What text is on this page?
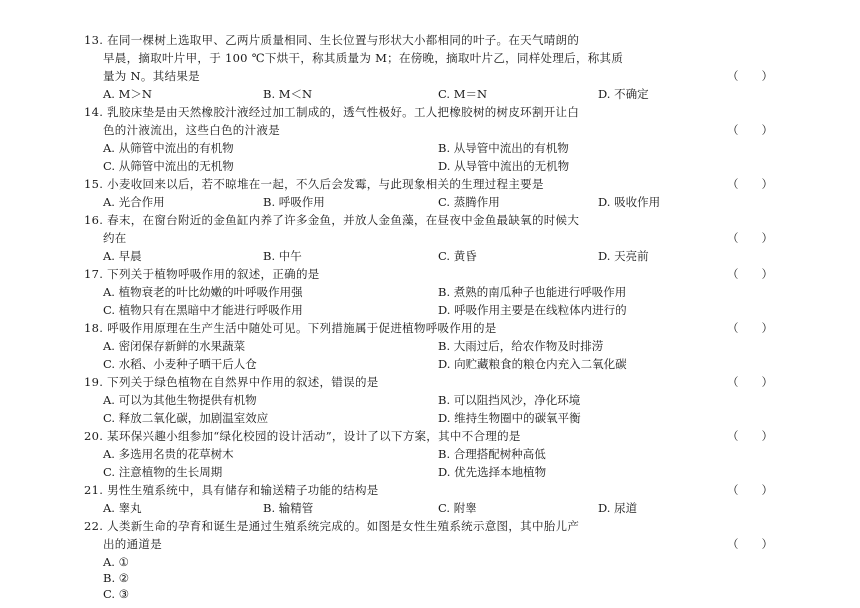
13. 在同一棵树上选取甲、乙两片质量相同、生长位置与形状大小都相同的叶子。在天气晴朗的
早晨，摘取叶片甲，于 100 ℃下烘干，称其质量为 M；在傍晚，摘取叶片乙，同样处理后，称其质
量为 N。其结果是	（　　）
A. M＞N	B. M＜N	C. M＝N	D. 不确定
14. 乳胶床垫是由天然橡胶汁液经过加工制成的，透气性极好。工人把橡胶树的树皮环割开让白
色的汁液流出，这些白色的汁液是	（　　）
A. 从筛管中流出的有机物	B. 从导管中流出的有机物
C. 从筛管中流出的无机物	D. 从导管中流出的无机物
15. 小麦收回来以后，若不晾堆在一起，不久后会发霉，与此现象相关的生理过程主要是	（　　）
A. 光合作用	B. 呼吸作用	C. 蒸腾作用	D. 吸收作用
16. 春末，在窗台附近的金鱼缸内养了许多金鱼，并放人金鱼藻，在昼夜中金鱼最缺氧的时候大
约在	（　　）
A. 早晨	B. 中午	C. 黄昏	D. 天亮前
17. 下列关于植物呼吸作用的叙述，正确的是	（　　）
A. 植物衰老的叶比幼嫩的叶呼吸作用强	B. 煮熟的南瓜种子也能进行呼吸作用
C. 植物只有在黑暗中才能进行呼吸作用	D. 呼吸作用主要是在线粒体内进行的
18. 呼吸作用原理在生产生活中随处可见。下列措施属于促进植物呼吸作用的是	（　　）
A. 密闭保存新鲜的水果蔬菜	B. 大雨过后，给农作物及时排涝
C. 水稻、小麦种子晒干后人仓	D. 向贮藏粮食的粮仓内充入二氧化碳
19. 下列关于绿色植物在自然界中作用的叙述，错误的是	（　　）
A. 可以为其他生物提供有机物	B. 可以阻挡风沙，净化环境
C. 释放二氧化碳，加剧温室效应	D. 维持生物圈中的碳氧平衡
20. 某环保兴趣小组参加“绿化校园的设计活动”，设计了以下方案，其中不合理的是	（　　）
A. 多选用名贵的花草树木	B. 合理搭配树种高低
C. 注意植物的生长周期	D. 优先选择本地植物
21. 男性生殖系统中，具有储存和输送精子功能的结构是	（　　）
A. 睾丸	B. 输精管	C. 附睾	D. 尿道
22. 人类新生命的孕育和诞生是通过生殖系统完成的。如图是女性生殖系统示意图，其中胎儿产
出的通道是	（　　）
A. ①
B. ②
C. ③
